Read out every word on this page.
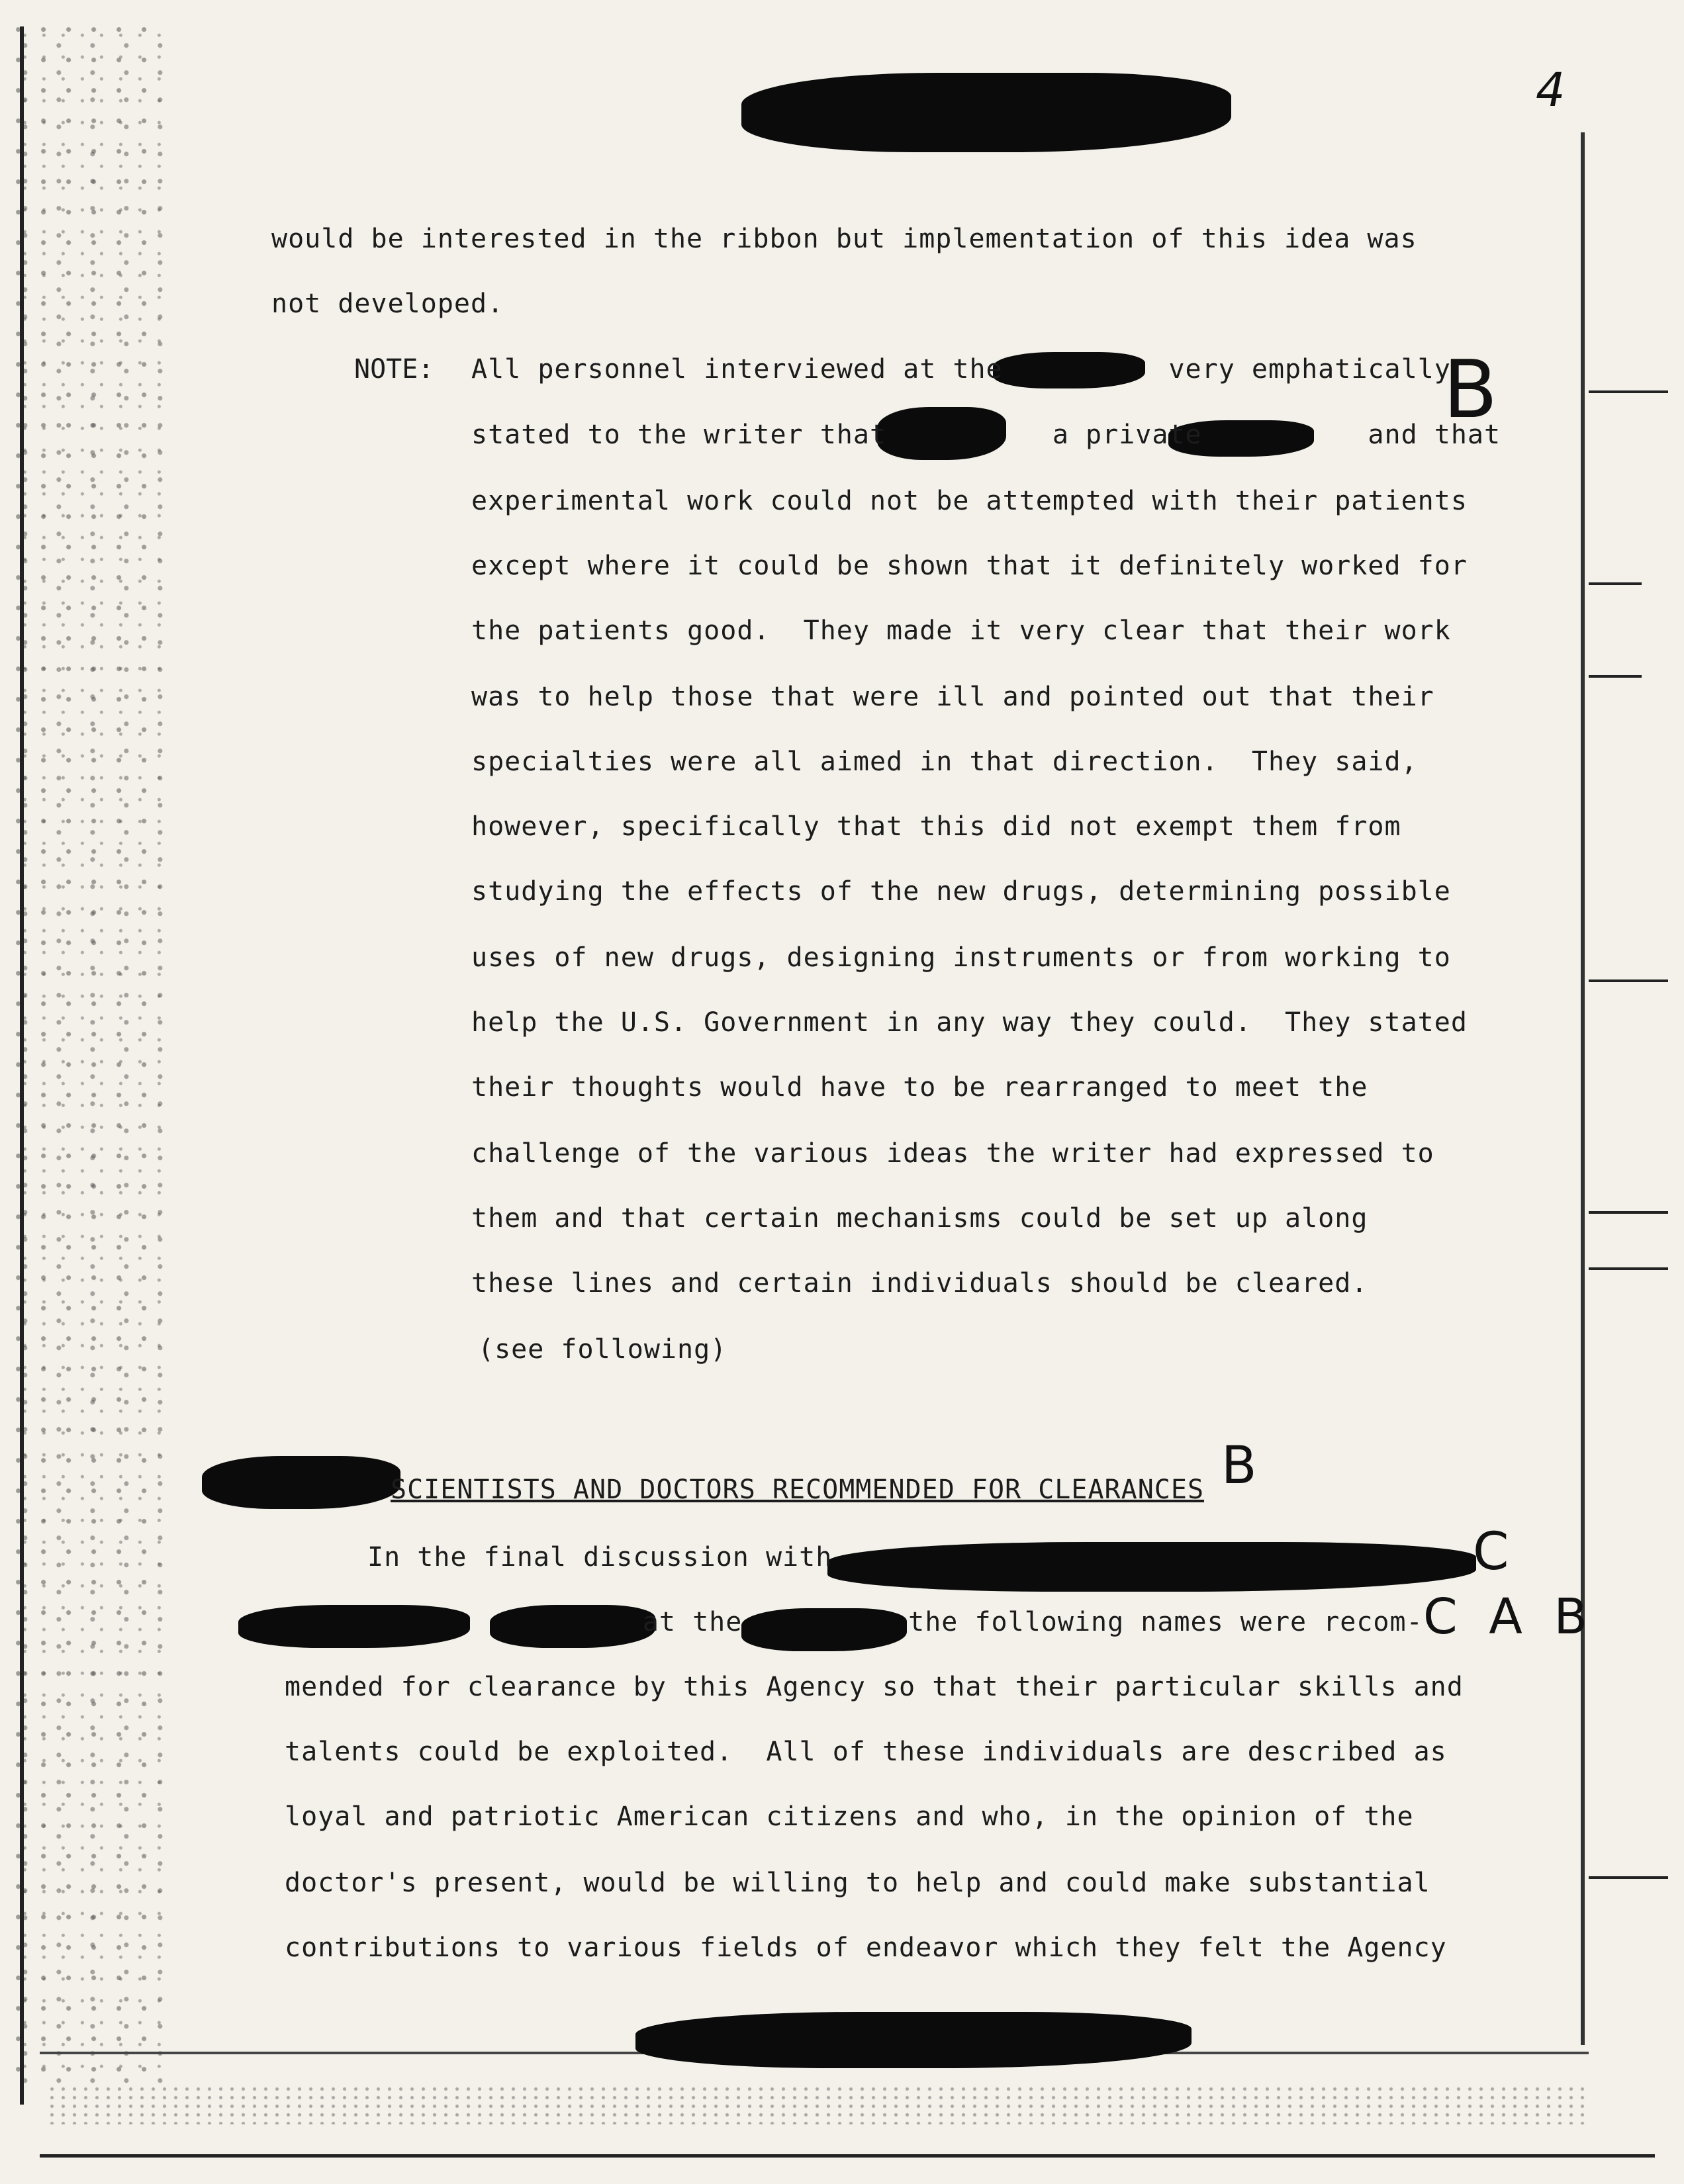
would be interested in the ribbon but implementation of this idea was
not developed.
NOTE: All personnel interviewed at the          very emphatically
stated to the writer that          a private          and that
experimental work could not be attempted with their patients
except where it could be shown that it definitely worked for
the patients good.  They made it very clear that their work
was to help those that were ill and pointed out that their
specialties were all aimed in that direction.  They said,
however, specifically that this did not exempt them from
studying the effects of the new drugs, determining possible
uses of new drugs, designing instruments or from working to
help the U.S. Government in any way they could.  They stated
their thoughts would have to be rearranged to meet the
challenge of the various ideas the writer had expressed to
them and that certain mechanisms could be set up along
these lines and certain individuals should be cleared.
(see following)
SCIENTISTS AND DOCTORS RECOMMENDED FOR CLEARANCES
In the final discussion with
at the          the following names were recom-
mended for clearance by this Agency so that their particular skills and
talents could be exploited.  All of these individuals are described as
loyal and patriotic American citizens and who, in the opinion of the
doctor's present, would be willing to help and could make substantial
contributions to various fields of endeavor which they felt the Agency
B
B
C
C A B
4
